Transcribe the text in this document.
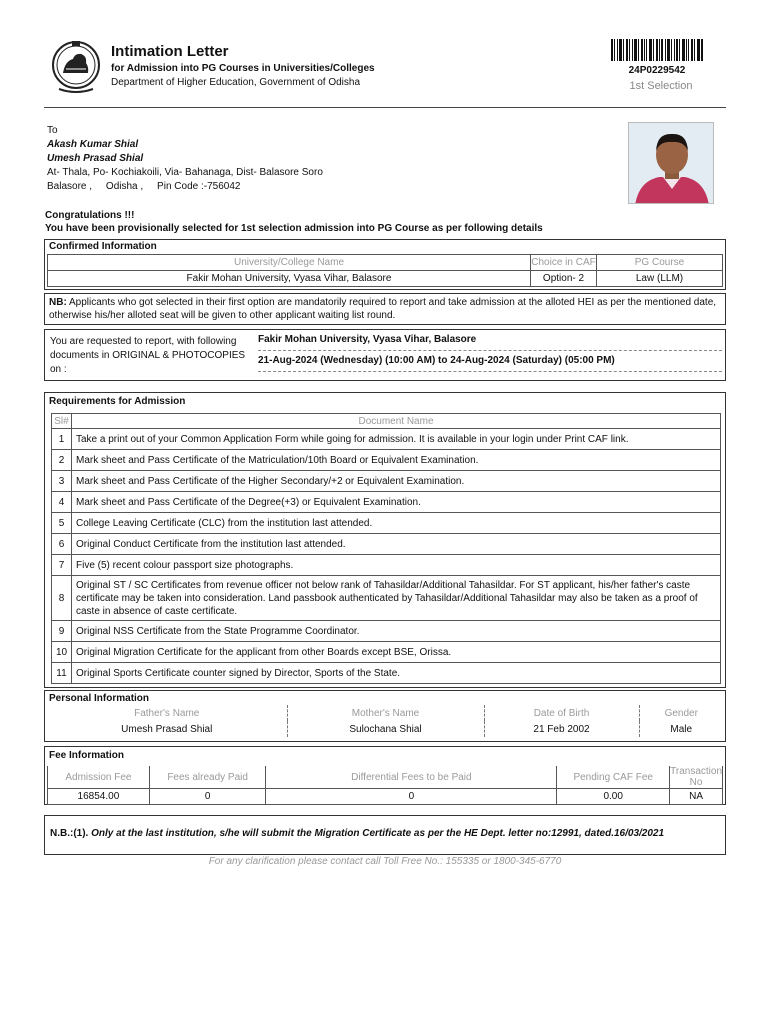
Intimation Letter
for Admission into PG Courses in Universities/Colleges
Department of Higher Education, Government of Odisha
24P0229542
1st Selection
To
Akash Kumar Shial
Umesh Prasad Shial
At- Thala, Po- Kochiakoili, Via- Bahanaga, Dist- Balasore Soro
Balasore ,     Odisha ,     Pin Code :-756042
Congratulations !!!
You have been provisionally selected for 1st selection admission into PG Course as per following details
Confirmed Information
University/College Name	Choice in CAF	PG Course
Fakir Mohan University, Vyasa Vihar, Balasore	Option- 2	Law (LLM)
NB: Applicants who got selected in their first option are mandatorily required to report and take admission at the alloted HEI as per the mentioned date, otherwise his/her alloted seat will be given to other applicant waiting list round.
You are requested to report, with following documents in ORIGINAL & PHOTOCOPIES on :
Fakir Mohan University, Vyasa Vihar, Balasore
21-Aug-2024 (Wednesday) (10:00 AM) to 24-Aug-2024 (Saturday) (05:00 PM)
Requirements for Admission
Sl#	Document Name
1	Take a print out of your Common Application Form while going for admission. It is available in your login under Print CAF link.
2	Mark sheet and Pass Certificate of the Matriculation/10th Board or Equivalent Examination.
3	Mark sheet and Pass Certificate of the Higher Secondary/+2 or Equivalent Examination.
4	Mark sheet and Pass Certificate of the Degree(+3) or Equivalent Examination.
5	College Leaving Certificate (CLC) from the institution last attended.
6	Original Conduct Certificate from the institution last attended.
7	Five (5) recent colour passport size photographs.
8	Original ST / SC Certificates from revenue officer not below rank of Tahasildar/Additional Tahasildar. For ST applicant, his/her father's caste certificate may be taken into consideration. Land passbook authenticated by Tahasildar/Additional Tahasildar may also be taken as a proof of caste in absence of caste certificate.
9	Original NSS Certificate from the State Programme Coordinator.
10	Original Migration Certificate for the applicant from other Boards except BSE, Orissa.
11	Original Sports Certificate counter signed by Director, Sports of the State.
Personal Information
Father's Name	Mother's Name	Date of Birth	Gender
Umesh Prasad Shial	Sulochana Shial	21 Feb 2002	Male
Fee Information
Admission Fee	Fees already Paid	Differential Fees to be Paid	Pending CAF Fee	Transaction No
16854.00	0	0	0.00	NA
N.B.:(1). Only at the last institution, s/he will submit the Migration Certificate as per the HE Dept. letter no:12991, dated.16/03/2021
For any clarification please contact call Toll Free No.: 155335 or 1800-345-6770
